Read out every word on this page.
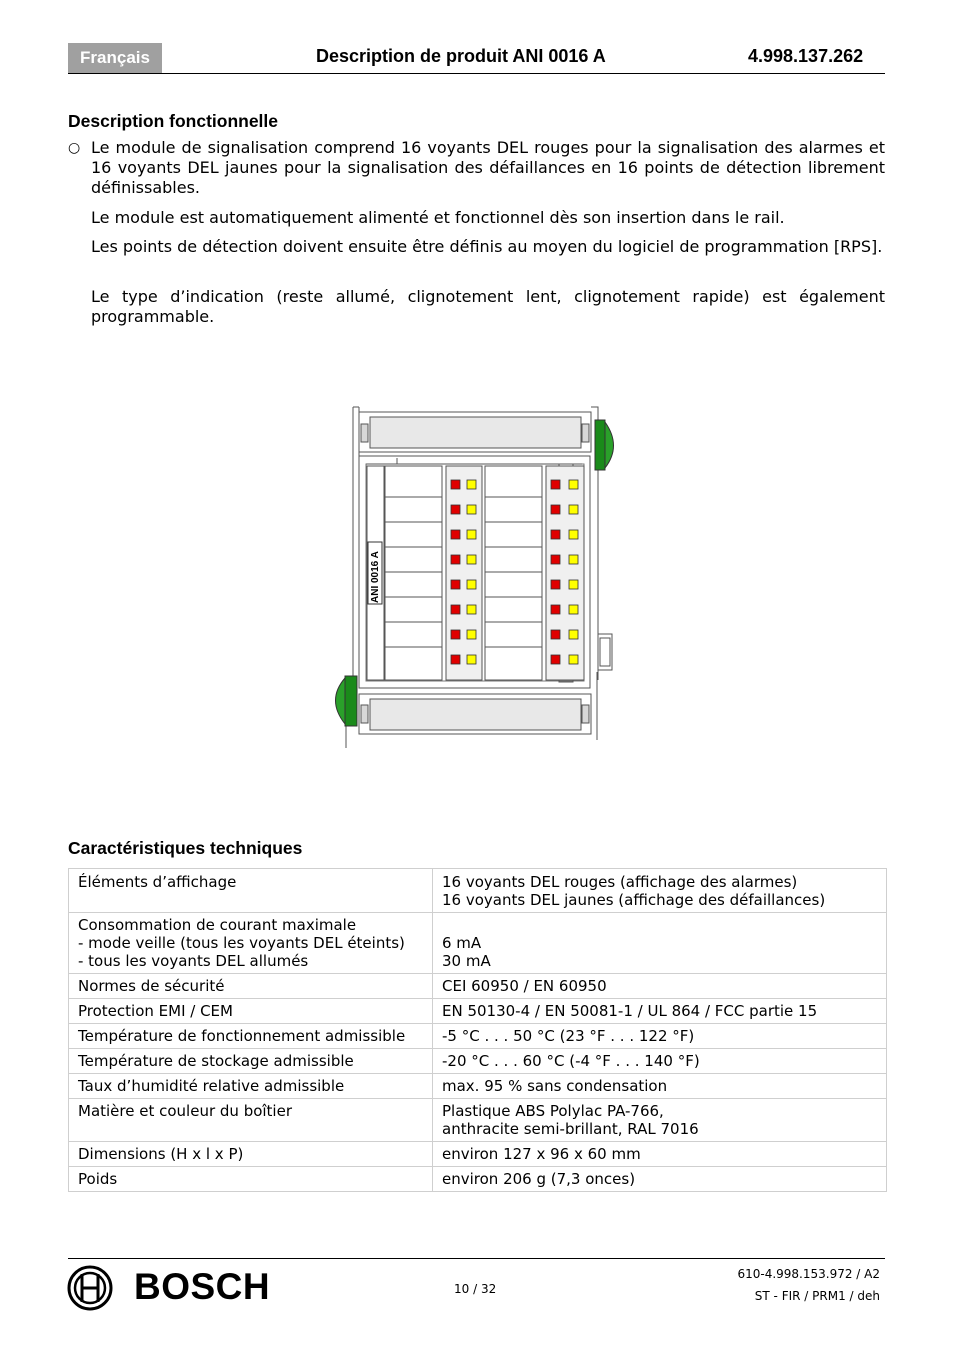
Français	Description de produit ANI 0016 A	4.998.137.262
Description fonctionnelle
○ Le module de signalisation comprend 16 voyants DEL rouges pour la signalisation des alarmes et 16 voyants DEL jaunes pour la signalisation des défaillances en 16 points de détection librement définissables.

Le module est automatiquement alimenté et fonctionnel dès son insertion dans le rail.

Les points de détection doivent ensuite être définis au moyen du logiciel de programmation [RPS].

Le type d’indication (reste allumé, clignotement lent, clignotement rapide) est également programmable.

ANI 0016 A
Caractéristiques techniques
Éléments d’affichage	16 voyants DEL rouges (affichage des alarmes)
16 voyants DEL jaunes (affichage des défaillances)

Consommation de courant maximale
- mode veille (tous les voyants DEL éteints)
- tous les voyants DEL allumés	6 mA
30 mA

Normes de sécurité	CEI 60950 / EN 60950

Protection EMI / CEM	EN 50130-4 / EN 50081-1 / UL 864 / FCC partie 15

Température de fonctionnement admissible	-5 °C . . . 50 °C (23 °F . . . 122 °F)

Température de stockage admissible	-20 °C . . . 60 °C (-4 °F . . . 140 °F)

Taux d’humidité relative admissible	max. 95 % sans condensation

Matière et couleur du boîtier	Plastique ABS Polylac PA-766,
anthracite semi-brillant, RAL 7016

Dimensions (H x l x P)	environ 127 x 96 x 60 mm

Poids	environ 206 g (7,3 onces)
BOSCH	10 / 32
610-4.998.153.972 / A2
ST - FIR / PRM1 / deh
